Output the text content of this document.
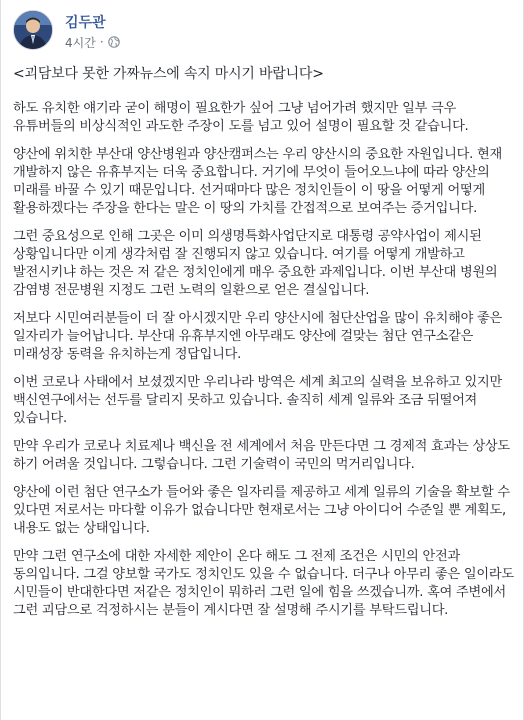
김두관
4시간 ·

<괴담보다 못한 가짜뉴스에 속지 마시기 바랍니다>

하도 유치한 얘기라 굳이 해명이 필요한가 싶어 그냥 넘어가려 했지만 일부 극우 유튜버들의 비상식적인 과도한 주장이 도를 넘고 있어 설명이 필요할 것 같습니다.

양산에 위치한 부산대 양산병원과 양산캠퍼스는 우리 양산시의 중요한 자원입니다. 현재 개발하지 않은 유휴부지는 더욱 중요합니다. 거기에 무엇이 들어오느냐에 따라 양산의 미래를 바꿀 수 있기 때문입니다. 선거때마다 많은 정치인들이 이 땅을 어떻게 어떻게 활용하겠다는 주장을 한다는 말은 이 땅의 가치를 간접적으로 보여주는 증거입니다.

그런 중요성으로 인해 그곳은 이미 의생명특화사업단지로 대통령 공약사업이 제시된 상황입니다만 이게 생각처럼 잘 진행되지 않고 있습니다. 여기를 어떻게 개발하고 발전시키냐 하는 것은 저 같은 정치인에게 매우 중요한 과제입니다. 이번 부산대 병원의 감염병 전문병원 지정도 그런 노력의 일환으로 얻은 결실입니다.

저보다 시민여러분들이 더 잘 아시겠지만 우리 양산시에 첨단산업을 많이 유치해야 좋은 일자리가 늘어납니다. 부산대 유휴부지엔 아무래도 양산에 걸맞는 첨단 연구소같은 미래성장 동력을 유치하는게 정답입니다.

이번 코로나 사태에서 보셨겠지만 우리나라 방역은 세계 최고의 실력을 보유하고 있지만 백신연구에서는 선두를 달리지 못하고 있습니다. 솔직히 세계 일류와 조금 뒤떨어져 있습니다.

만약 우리가 코로나 치료제나 백신을 전 세계에서 처음 만든다면 그 경제적 효과는 상상도 하기 어려울 것입니다. 그렇습니다. 그런 기술력이 국민의 먹거리입니다.

양산에 이런 첨단 연구소가 들어와 좋은 일자리를 제공하고 세계 일류의 기술을 확보할 수 있다면 저로서는 마다할 이유가 없습니다만 현재로서는 그냥 아이디어 수준일 뿐 계획도, 내용도 없는 상태입니다.

만약 그런 연구소에 대한 자세한 제안이 온다 해도 그 전제 조건은 시민의 안전과 동의입니다. 그걸 양보할 국가도 정치인도 있을 수 없습니다. 더구나 아무리 좋은 일이라도 시민들이 반대한다면 저같은 정치인이 뭐하러 그런 일에 힘을 쓰겠습니까. 혹여 주변에서 그런 괴담으로 걱정하시는 분들이 계시다면 잘 설명해 주시기를 부탁드립니다.
